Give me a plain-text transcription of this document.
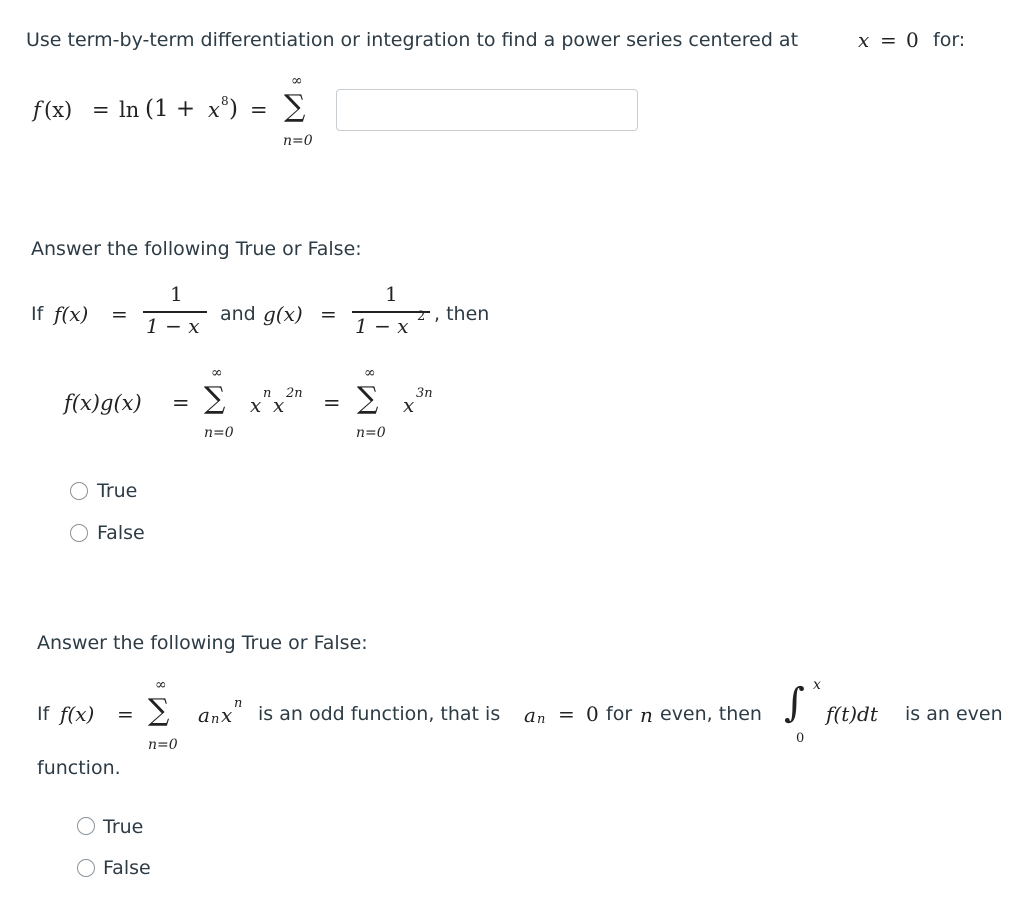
Use term-by-term differentiation or integration to find a power series centered at	x = 0 for:
f (x) = ln (1 + x 8 ) =
∞
∑
n=0
Answer the following True or False:
If f(x) =
1
1 − x and g(x) =
1
1 − x 2 , then
f(x)g(x) =
∞
∑
n=0
x n x 2n =
∞
∑
n=0
x 3n
True
False
Answer the following True or False:
If f(x) =
∞
∑
n=0
a n x n is an odd function, that is a n = 0 for n even, then ∫ x
0
f(t)dt is an even
function.
True
False
